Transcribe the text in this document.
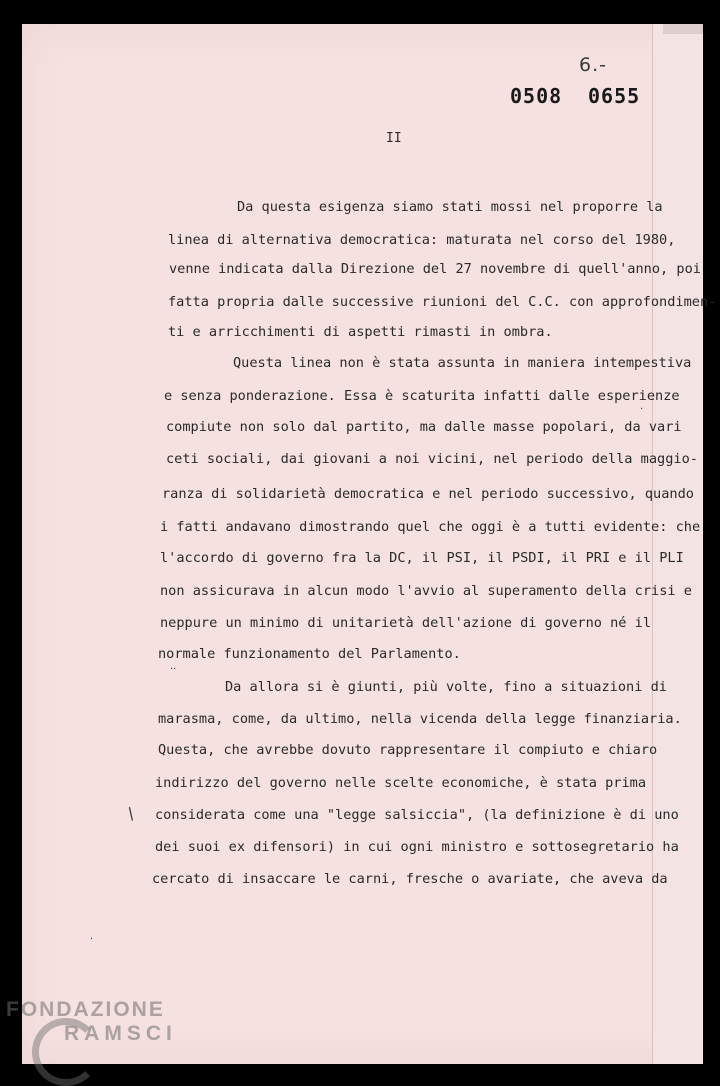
6.-
0508 0655
II
Da questa esigenza siamo stati mossi nel proporre la
linea di alternativa democratica: maturata nel corso del 1980,
venne indicata dalla Direzione del 27 novembre di quell'anno, poi
fatta propria dalle successive riunioni del C.C. con approfondimen-
ti e arricchimenti di aspetti rimasti in ombra.
Questa linea non è stata assunta in maniera intempestiva
e senza ponderazione. Essa è scaturita infatti dalle esperienze
compiute non solo dal partito, ma dalle masse popolari, da vari
ceti sociali, dai giovani a noi vicini, nel periodo della maggio-
ranza di solidarietà democratica e nel periodo successivo, quando
i fatti andavano dimostrando quel che oggi è a tutti evidente: che
l'accordo di governo fra la DC, il PSI, il PSDI, il PRI e il PLI
non assicurava in alcun modo l'avvio al superamento della crisi e
neppure un minimo di unitarietà dell'azione di governo né il
normale funzionamento del Parlamento.
Da allora si è giunti, più volte, fino a situazioni di
marasma, come, da ultimo, nella vicenda della legge finanziaria.
Questa, che avrebbe dovuto rappresentare il compiuto e chiaro
indirizzo del governo nelle scelte economiche, è stata prima
considerata come una "legge salsiccia", (la definizione è di uno
dei suoi ex difensori) in cui ogni ministro e sottosegretario ha
cercato di insaccare le carni, fresche o avariate, che aveva da
/
··
·
·
FONDAZIONE
RAMSCI
